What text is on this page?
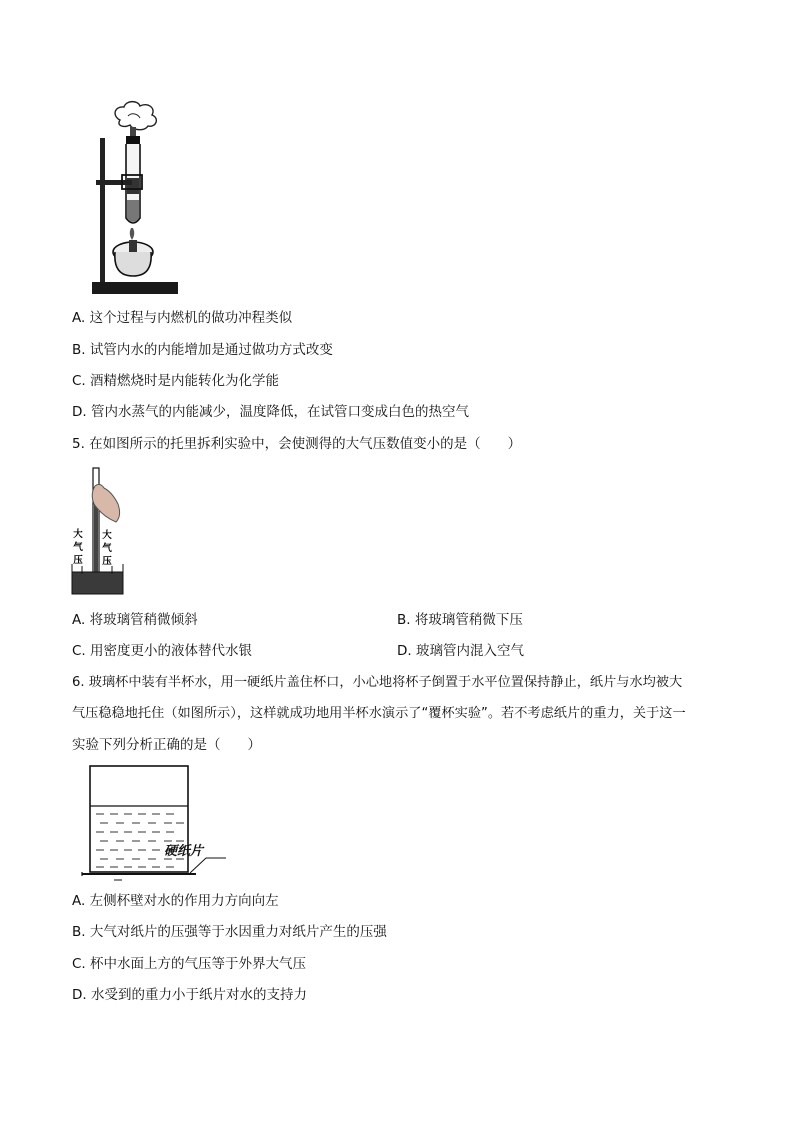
A. 这个过程与内燃机的做功冲程类似
B. 试管内水的内能增加是通过做功方式改变
C. 酒精燃烧时是内能转化为化学能
D. 管内水蒸气的内能减少，温度降低，在试管口变成白色的热空气
5. 在如图所示的托里拆利实验中，会使测得的大气压数值变小的是（　　）
大
气
压
大
气
压
A. 将玻璃管稍微倾斜	B. 将玻璃管稍微下压
C. 用密度更小的液体替代水银	D. 玻璃管内混入空气
6. 玻璃杯中装有半杯水，用一硬纸片盖住杯口，小心地将杯子倒置于水平位置保持静止，纸片与水均被大
气压稳稳地托住（如图所示），这样就成功地用半杯水演示了“覆杯实验”。若不考虑纸片的重力，关于这一
实验下列分析正确的是（　　）
硬纸片
A. 左侧杯壁对水的作用力方向向左
B. 大气对纸片的压强等于水因重力对纸片产生的压强
C. 杯中水面上方的气压等于外界大气压
D. 水受到的重力小于纸片对水的支持力
